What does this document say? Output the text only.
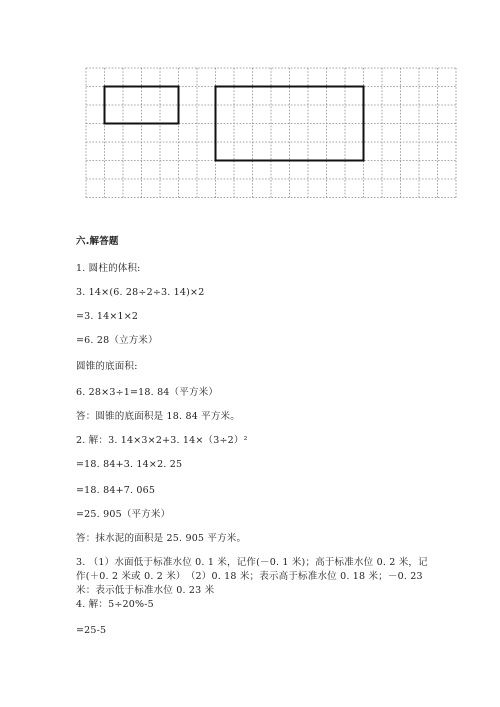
六.解答题
1. 圆柱的体积:
3. 14×(6. 28÷2÷3. 14)×2
=3. 14×1×2
=6. 28（立方米）
圆锥的底面积:
6. 28×3÷1=18. 84（平方米）
答：圆锥的底面积是 18. 84 平方米。
2. 解：3. 14×3×2+3. 14×（3÷2）²
=18. 84+3. 14×2. 25
=18. 84+7. 065
=25. 905（平方米）
答：抹水泥的面积是 25. 905 平方米。
3. （1）水面低于标准水位 0. 1 米，记作(－0. 1 米)；高于标准水位 0. 2 米，记
作(＋0. 2 米或 0. 2 米）　（2）0. 18 米；表示高于标准水位 0. 18 米；－0. 23
米：表示低于标准水位 0. 23 米
4. 解：5÷20%-5
=25-5
